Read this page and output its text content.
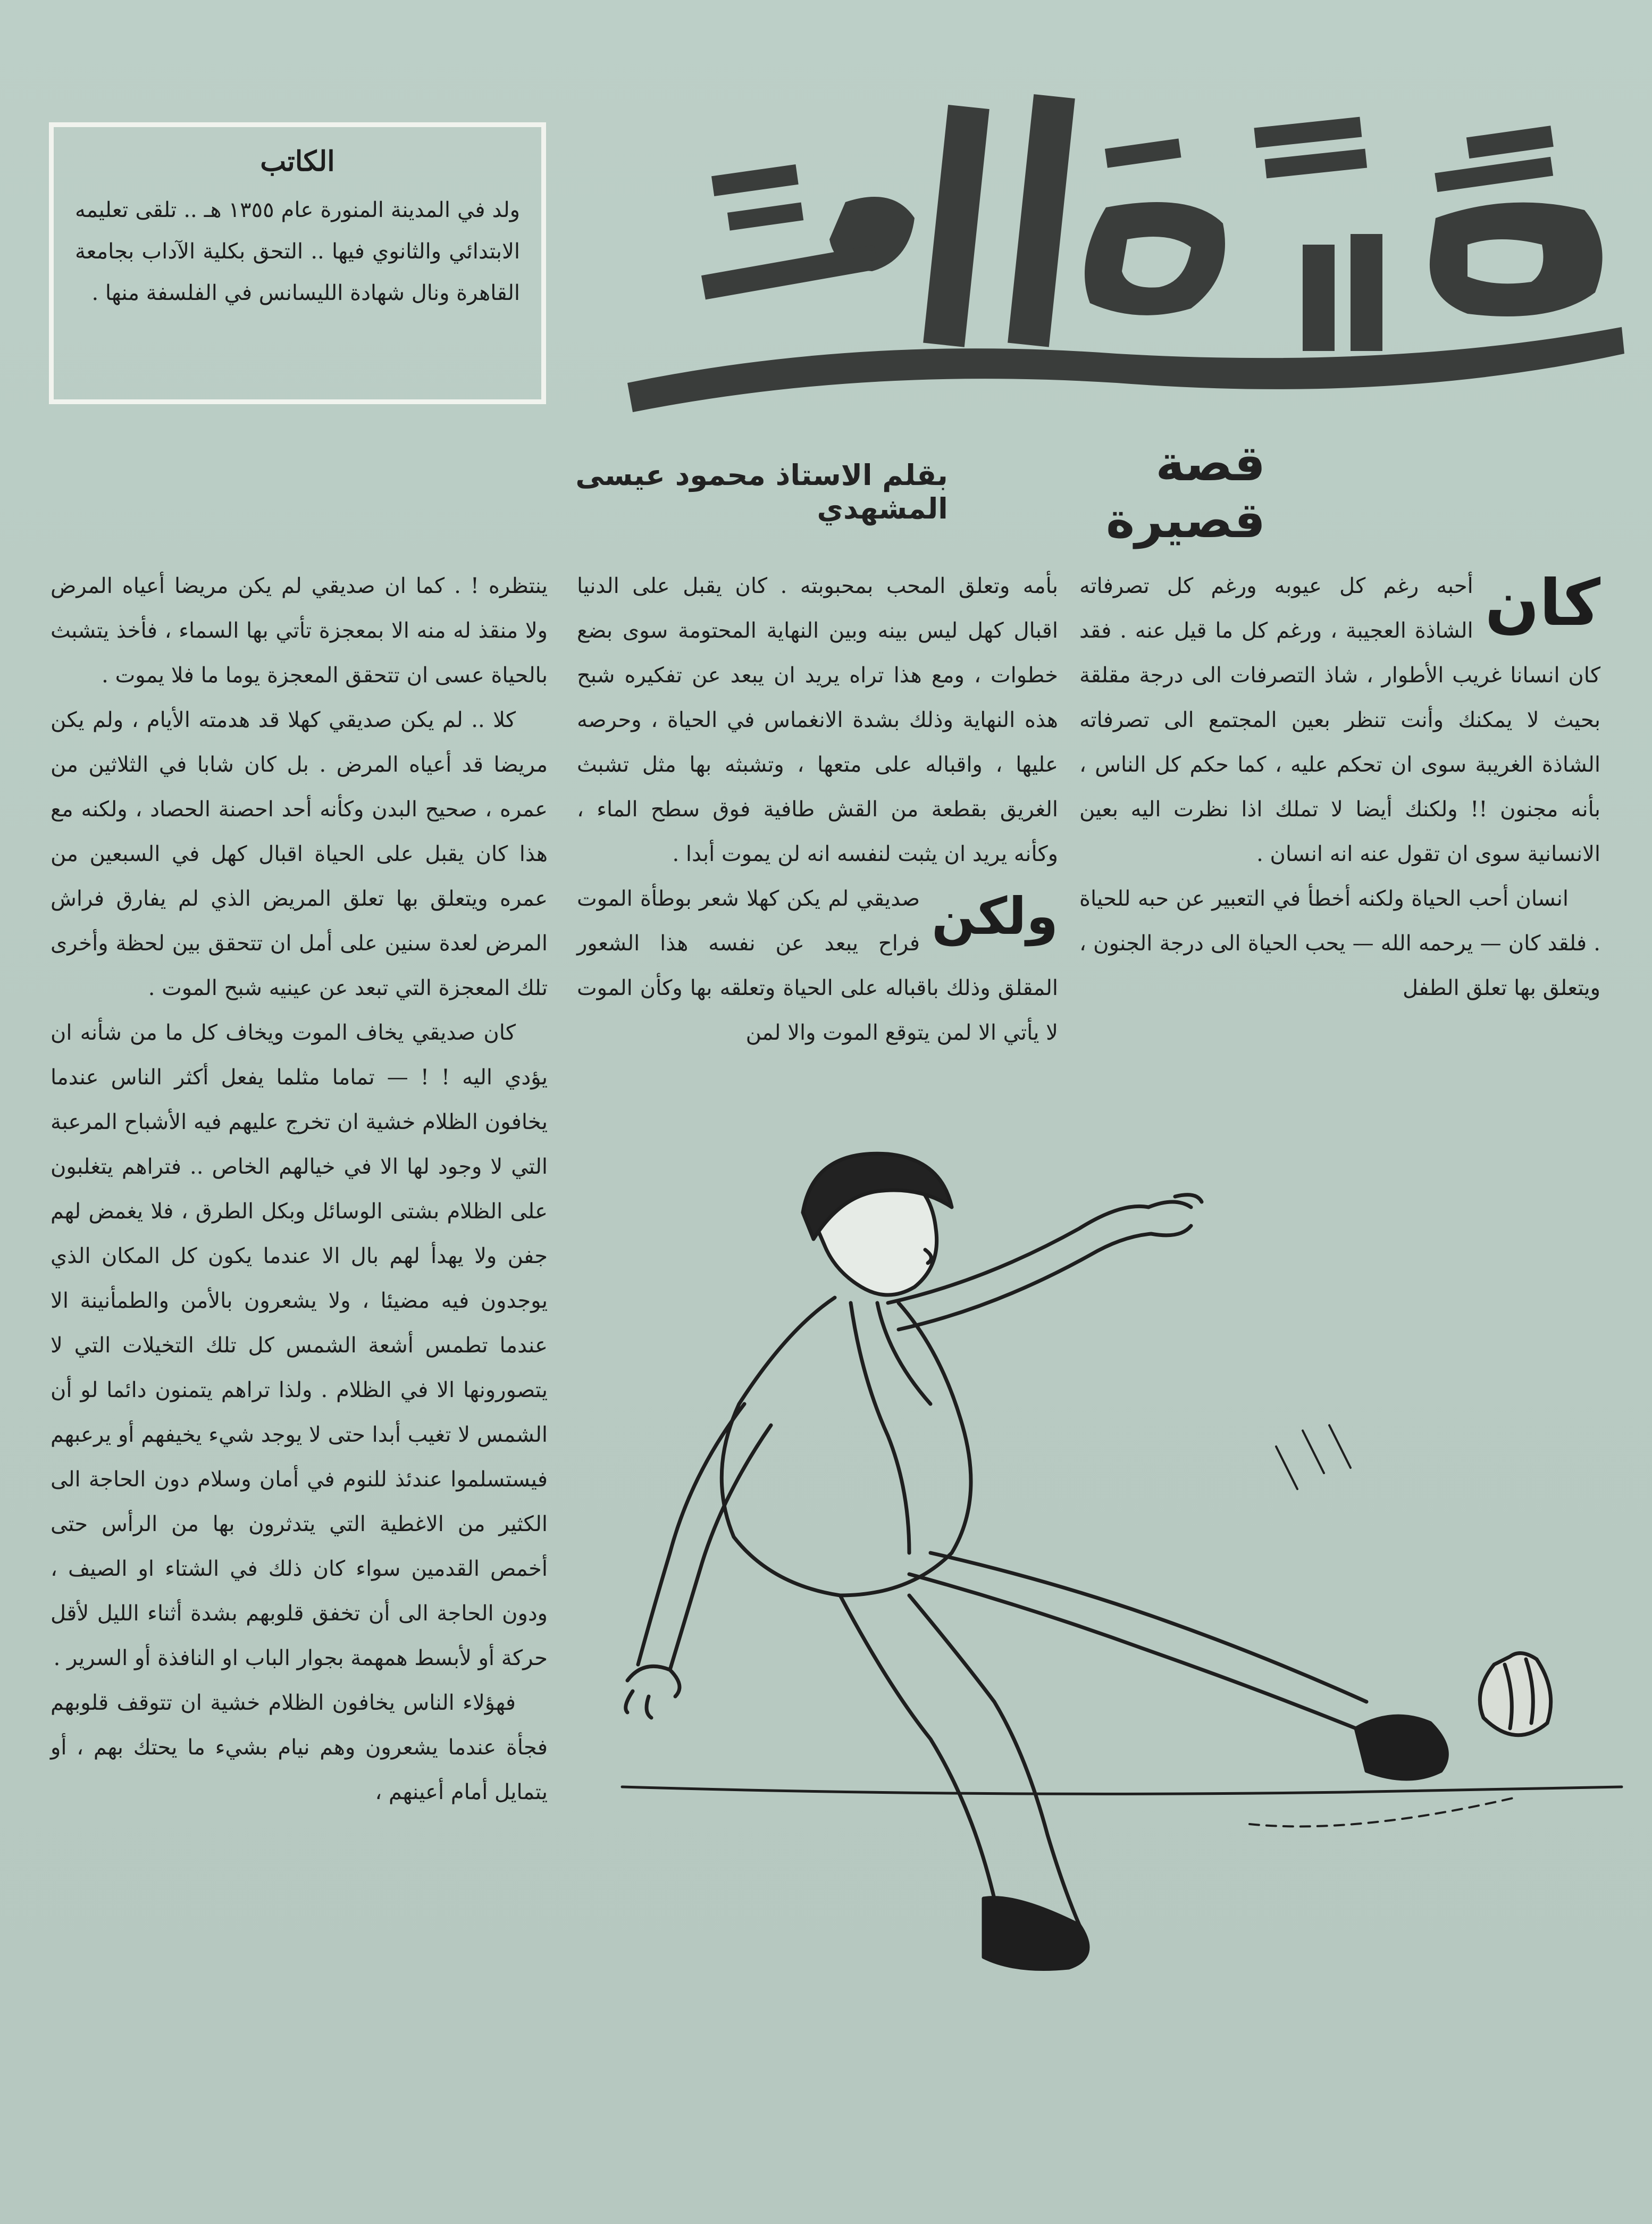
الكاتب

ولد في المدينة المنورة عام ١٣٥٥ هـ .. تلقى تعليمه الابتدائي والثانوي فيها .. التحق بكلية الآداب بجامعة القاهرة ونال شهادة الليسانس في الفلسفة منها .

قصة قصيرة
بقلم الاستاذ محمود عيسى المشهدي
كان

أحبه رغم كل عيوبه ورغم كل تصرفاته الشاذة العجيبة ، ورغم كل ما قيل عنه . فقد كان انسانا غريب الأطوار ، شاذ التصرفات الى درجة مقلقة بحيث لا يمكنك وأنت تنظر بعين المجتمع الى تصرفاته الشاذة الغريبة سوى ان تحكم عليه ، كما حكم كل الناس ، بأنه مجنون !! ولكنك أيضا لا تملك اذا نظرت اليه بعين الانسانية سوى ان تقول عنه انه انسان .

انسان أحب الحياة ولكنه أخطأ في التعبير عن حبه للحياة . فلقد كان — يرحمه الله — يحب الحياة الى درجة الجنون ، ويتعلق بها تعلق الطفل

بأمه وتعلق المحب بمحبوبته . كان يقبل على الدنيا اقبال كهل ليس بينه وبين النهاية المحتومة سوى بضع خطوات ، ومع هذا تراه يريد ان يبعد عن تفكيره شبح هذه النهاية وذلك بشدة الانغماس في الحياة ، وحرصه عليها ، واقباله على متعها ، وتشبثه بها مثل تشبث الغريق بقطعة من القش طافية فوق سطح الماء ، وكأنه يريد ان يثبت لنفسه انه لن يموت أبدا .

ولكن

صديقي لم يكن كهلا شعر بوطأة الموت فراح يبعد عن نفسه هذا الشعور المقلق وذلك باقباله على الحياة وتعلقه بها وكأن الموت لا يأتي الا لمن يتوقع الموت والا لمن

ينتظره ! . كما ان صديقي لم يكن مريضا أعياه المرض ولا منقذ له منه الا بمعجزة تأتي بها السماء ، فأخذ يتشبث بالحياة عسى ان تتحقق المعجزة يوما ما فلا يموت .

كلا .. لم يكن صديقي كهلا قد هدمته الأيام ، ولم يكن مريضا قد أعياه المرض . بل كان شابا في الثلاثين من عمره ، صحيح البدن وكأنه أحد احصنة الحصاد ، ولكنه مع هذا كان يقبل على الحياة اقبال كهل في السبعين من عمره ويتعلق بها تعلق المريض الذي لم يفارق فراش المرض لعدة سنين على أمل ان تتحقق بين لحظة وأخرى تلك المعجزة التي تبعد عن عينيه شبح الموت .

كان صديقي يخاف الموت ويخاف كل ما من شأنه ان يؤدي اليه ! ! — تماما مثلما يفعل أكثر الناس عندما يخافون الظلام خشية ان تخرج عليهم فيه الأشباح المرعبة التي لا وجود لها الا في خيالهم الخاص .. فتراهم يتغلبون على الظلام بشتى الوسائل وبكل الطرق ، فلا يغمض لهم جفن ولا يهدأ لهم بال الا عندما يكون كل المكان الذي يوجدون فيه مضيئا ، ولا يشعرون بالأمن والطمأنينة الا عندما تطمس أشعة الشمس كل تلك التخيلات التي لا يتصورونها الا في الظلام . ولذا تراهم يتمنون دائما لو أن الشمس لا تغيب أبدا حتى لا يوجد شيء يخيفهم أو يرعبهم فيستسلموا عندئذ للنوم في أمان وسلام دون الحاجة الى الكثير من الاغطية التي يتدثرون بها من الرأس حتى أخمص القدمين سواء كان ذلك في الشتاء او الصيف ، ودون الحاجة الى أن تخفق قلوبهم بشدة أثناء الليل لأقل حركة أو لأبسط همهمة بجوار الباب او النافذة أو السرير .

فهؤلاء الناس يخافون الظلام خشية ان تتوقف قلوبهم فجأة عندما يشعرون وهم نيام بشيء ما يحتك بهم ، أو يتمايل أمام أعينهم ،
